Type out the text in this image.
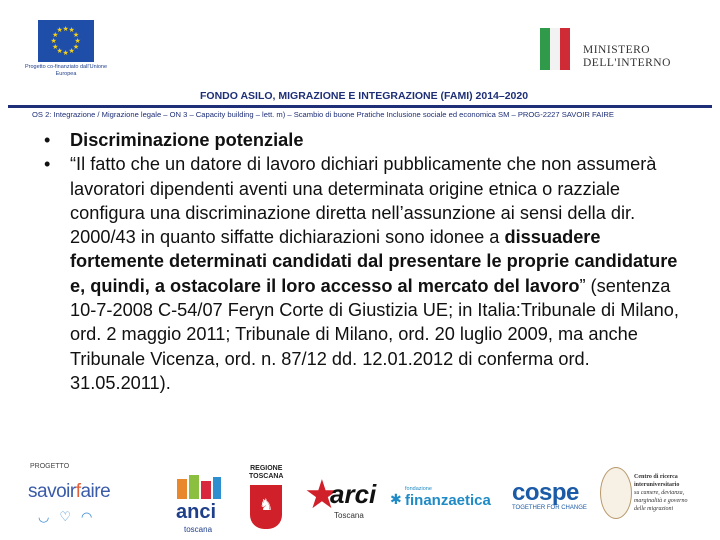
★
★
★
★
★
★
★
★
★ ★ ★
★
Progetto co-finanziato dall'Unione Europea
MINISTERO
DELL'INTERNO
FONDO ASILO, MIGRAZIONE E INTEGRAZIONE (FAMI) 2014–2020
OS 2: Integrazione / Migrazione legale – ON 3 – Capacity building – lett. m) – Scambio di buone Pratiche Inclusione sociale ed economica SM – PROG-2227 SAVOIR FAIRE
• Discriminazione potenziale
• “Il fatto che un datore di lavoro dichiari pubblicamente che non assumerà lavoratori dipendenti aventi una determinata origine etnica o razziale configura una discriminazione diretta nell’assunzione ai sensi della dir. 2000/43 in quanto siffatte dichiarazioni sono idonee a dissuadere fortemente determinati candidati dal presentare le proprie candidature e, quindi, a ostacolare il loro accesso al mercato del lavoro” (sentenza 10-7-2008 C-54/07 Feryn Corte di Giustizia UE; in Italia:Tribunale di Milano, ord. 2 maggio 2011; Tribunale di Milano, ord. 20 luglio 2009, ma anche Tribunale Vicenza, ord. n. 87/12 dd. 12.01.2012 di conferma ord. 31.05.2011).
PROGETTO
savoirfaire
◡♡◠	anci
toscana
REGIONE
TOSCANA
♞ ★
arci
Toscana
✱
fondazione
finanzaetica cospe
TOGETHER FOR CHANGE
Centro di ricerca
interuniversitario
su camere, devianza,
marginalità e governo
delle migrazioni
